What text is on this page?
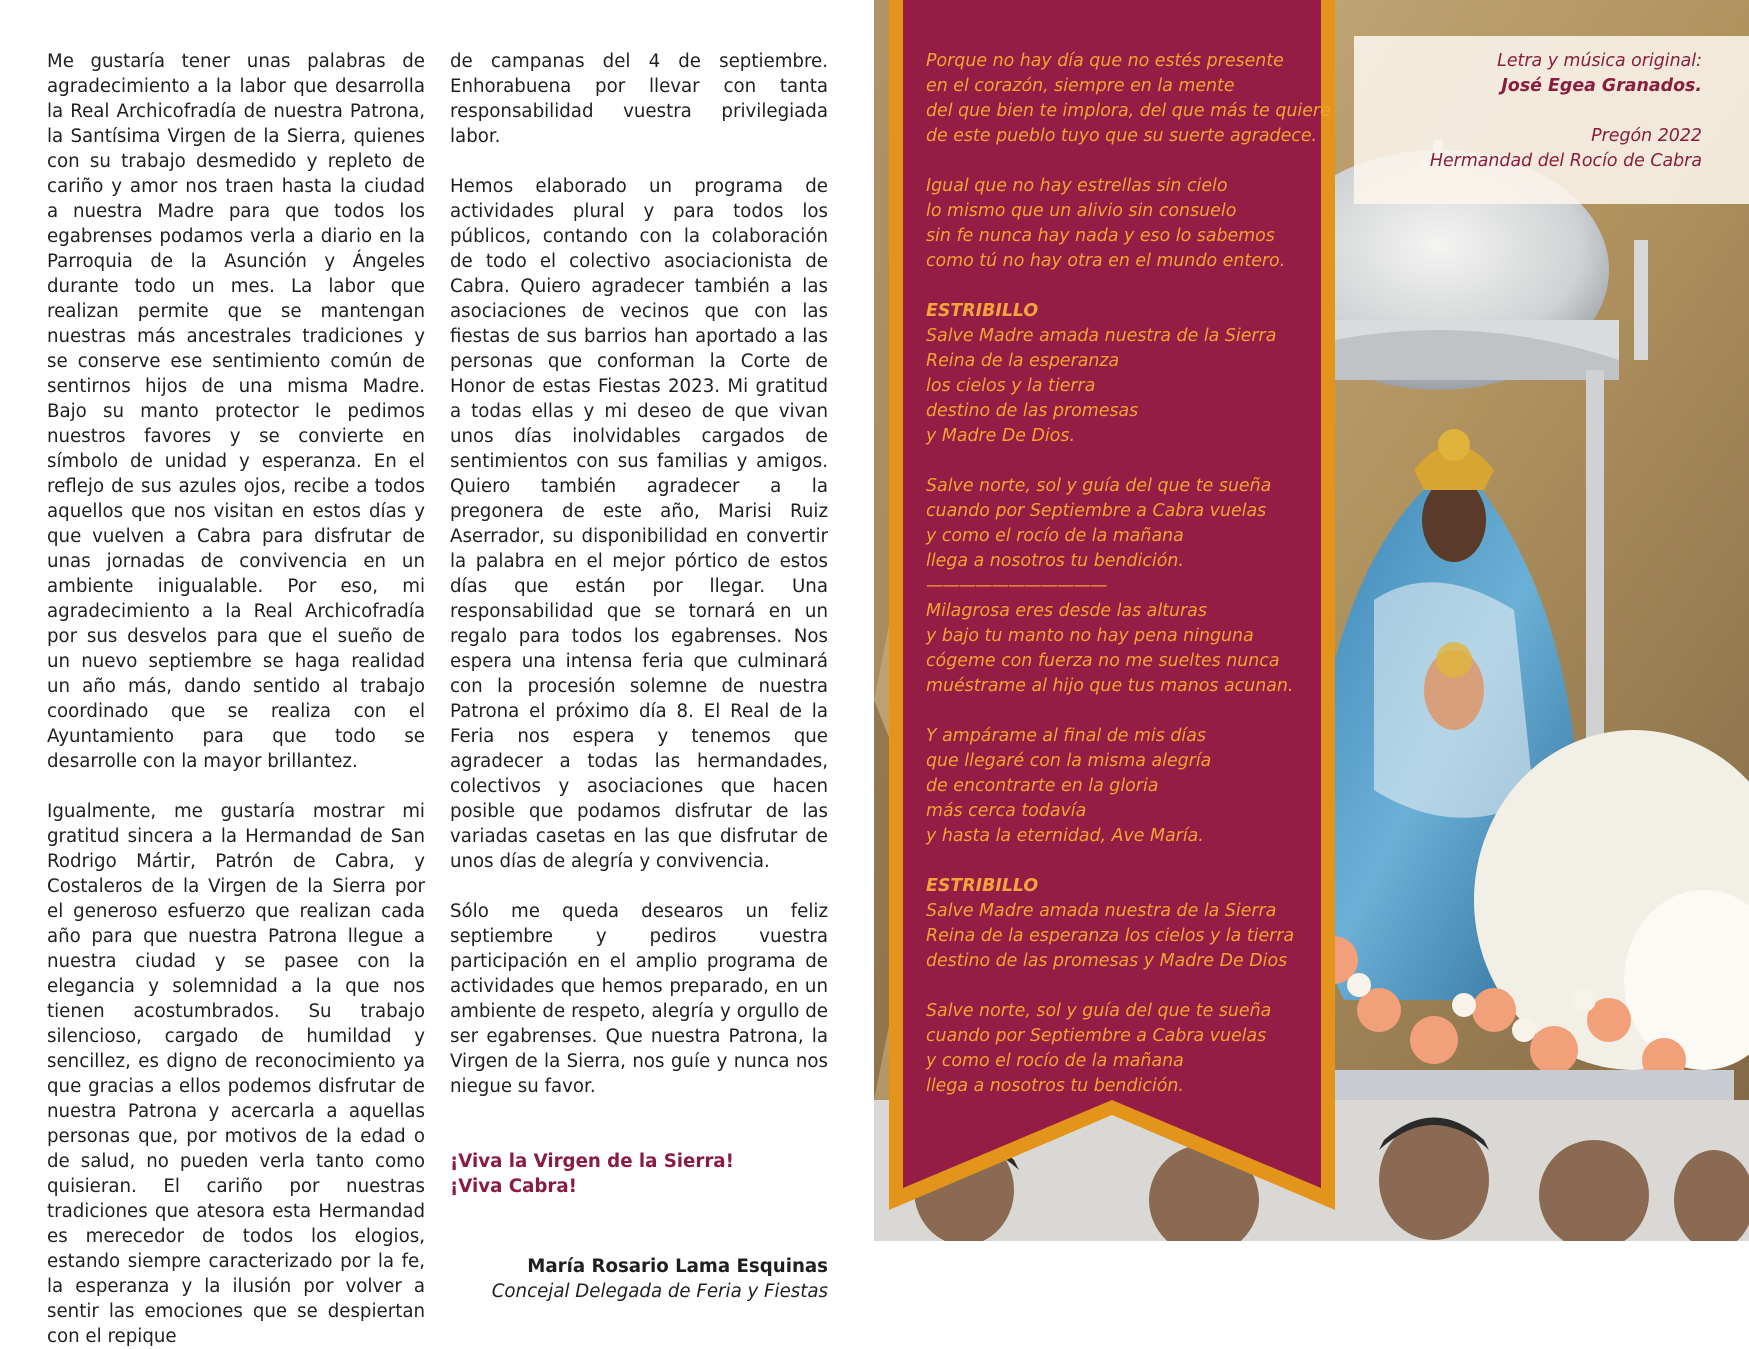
Me gustaría tener unas palabras de agradecimiento a la labor que desarrolla la Real Archicofradía de nuestra Patrona, la Santísima Virgen de la Sierra, quienes con su trabajo desmedido y repleto de cariño y amor nos traen hasta la ciudad a nuestra Madre para que todos los egabrenses podamos verla a diario en la Parroquia de la Asunción y Ángeles durante todo un mes. La labor que realizan permite que se mantengan nuestras más ancestrales tradiciones y se conserve ese sentimiento común de sentirnos hijos de una misma Madre. Bajo su manto protector le pedimos nuestros favores y se convierte en símbolo de unidad y esperanza. En el reflejo de sus azules ojos, recibe a todos aquellos que nos visitan en estos días y que vuelven a Cabra para disfrutar de unas jornadas de convivencia en un ambiente inigualable. Por eso, mi agradecimiento a la Real Archicofradía por sus desvelos para que el sueño de un nuevo septiembre se haga realidad un año más, dando sentido al trabajo coordinado que se realiza con el Ayuntamiento para que todo se desarrolle con la mayor brillantez.

Igualmente, me gustaría mostrar mi gratitud sincera a la Hermandad de San Rodrigo Mártir, Patrón de Cabra, y Costaleros de la Virgen de la Sierra por el generoso esfuerzo que realizan cada año para que nuestra Patrona llegue a nuestra ciudad y se pasee con la elegancia y solemnidad a la que nos tienen acostumbrados. Su trabajo silencioso, cargado de humildad y sencillez, es digno de reconocimiento ya que gracias a ellos podemos disfrutar de nuestra Patrona y acercarla a aquellas personas que, por motivos de la edad o de salud, no pueden verla tanto como quisieran. El cariño por nuestras tradiciones que atesora esta Hermandad es merecedor de todos los elogios, estando siempre caracterizado por la fe, la esperanza y la ilusión por volver a sentir las emociones que se despiertan con el repique

de campanas del 4 de septiembre. Enhorabuena por llevar con tanta responsabilidad vuestra privilegiada labor.

Hemos elaborado un programa de actividades plural y para todos los públicos, contando con la colaboración de todo el colectivo asociacionista de Cabra. Quiero agradecer también a las asociaciones de vecinos que con las fiestas de sus barrios han aportado a las personas que conforman la Corte de Honor de estas Fiestas 2023. Mi gratitud a todas ellas y mi deseo de que vivan unos días inolvidables cargados de sentimientos con sus familias y amigos. Quiero también agradecer a la pregonera de este año, Marisi Ruiz Aserrador, su disponibilidad en convertir la palabra en el mejor pórtico de estos días que están por llegar. Una responsabilidad que se tornará en un regalo para todos los egabrenses. Nos espera una intensa feria que culminará con la procesión solemne de nuestra Patrona el próximo día 8. El Real de la Feria nos espera y tenemos que agradecer a todas las hermandades, colectivos y asociaciones que hacen posible que podamos disfrutar de las variadas casetas en las que disfrutar de unos días de alegría y convivencia.

Sólo me queda desearos un feliz septiembre y pediros vuestra participación en el amplio programa de actividades que hemos preparado, en un ambiente de respeto, alegría y orgullo de ser egabrenses. Que nuestra Patrona, la Virgen de la Sierra, nos guíe y nunca nos niegue su favor.

¡Viva la Virgen de la Sierra!
¡Viva Cabra!
María Rosario Lama Esquinas
Concejal Delegada de Feria y Fiestas
Porque no hay día que no estés presente
en el corazón, siempre en la mente
del que bien te implora, del que más te quiere
de este pueblo tuyo que su suerte agradece.
Igual que no hay estrellas sin cielo
lo mismo que un alivio sin consuelo
sin fe nunca hay nada y eso lo sabemos
como tú no hay otra en el mundo entero.
ESTRIBILLO
Salve Madre amada nuestra de la Sierra
Reina de la esperanza
los cielos y la tierra
destino de las promesas
y Madre De Dios.
Salve norte, sol y guía del que te sueña
cuando por Septiembre a Cabra vuelas
y como el rocío de la mañana
llega a nosotros tu bendición.
———————————
Milagrosa eres desde las alturas
y bajo tu manto no hay pena ninguna
cógeme con fuerza no me sueltes nunca
muéstrame al hijo que tus manos acunan.
Y ampárame al final de mis días
que llegaré con la misma alegría
de encontrarte en la gloria
más cerca todavía
y hasta la eternidad, Ave María.
ESTRIBILLO
Salve Madre amada nuestra de la Sierra
Reina de la esperanza los cielos y la tierra
destino de las promesas y Madre De Dios
Salve norte, sol y guía del que te sueña
cuando por Septiembre a Cabra vuelas
y como el rocío de la mañana
llega a nosotros tu bendición.
Letra y música original:
José Egea Granados.
Pregón 2022
Hermandad del Rocío de Cabra
